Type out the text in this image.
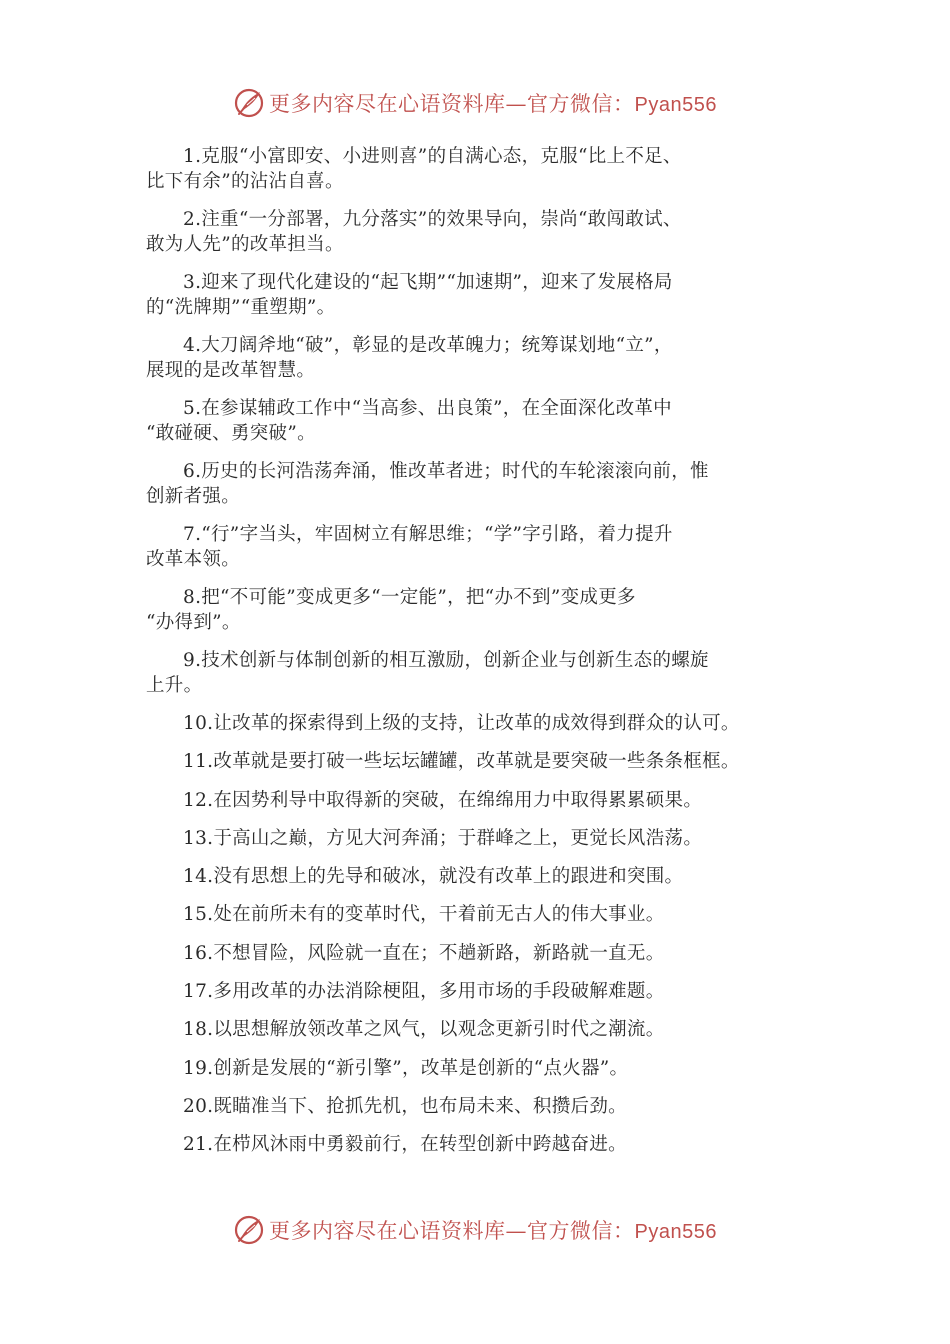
更多内容尽在心语资料库—官方微信：Pyan556

1.克服“小富即安、小进则喜”的自满心态，克服“比上不足、
比下有余”的沾沾自喜。

2.注重“一分部署，九分落实”的效果导向，崇尚“敢闯敢试、
敢为人先”的改革担当。

3.迎来了现代化建设的“起飞期”“加速期”，迎来了发展格局
的“洗牌期”“重塑期”。

4.大刀阔斧地“破”，彰显的是改革魄力；统筹谋划地“立”，
展现的是改革智慧。

5.在参谋辅政工作中“当高参、出良策”，在全面深化改革中
“敢碰硬、勇突破”。

6.历史的长河浩荡奔涌，惟改革者进；时代的车轮滚滚向前，惟
创新者强。

7.“行”字当头，牢固树立有解思维；“学”字引路，着力提升
改革本领。

8.把“不可能”变成更多“一定能”，把“办不到”变成更多
“办得到”。

9.技术创新与体制创新的相互激励，创新企业与创新生态的螺旋
上升。

10.让改革的探索得到上级的支持，让改革的成效得到群众的认可。

11.改革就是要打破一些坛坛罐罐，改革就是要突破一些条条框框。

12.在因势利导中取得新的突破，在绵绵用力中取得累累硕果。

13.于高山之巅，方见大河奔涌；于群峰之上，更觉长风浩荡。

14.没有思想上的先导和破冰，就没有改革上的跟进和突围。

15.处在前所未有的变革时代，干着前无古人的伟大事业。

16.不想冒险，风险就一直在；不趟新路，新路就一直无。

17.多用改革的办法消除梗阻，多用市场的手段破解难题。

18.以思想解放领改革之风气，以观念更新引时代之潮流。

19.创新是发展的“新引擎”，改革是创新的“点火器”。

20.既瞄准当下、抢抓先机，也布局未来、积攒后劲。

21.在栉风沐雨中勇毅前行，在转型创新中跨越奋进。

更多内容尽在心语资料库—官方微信：Pyan556
